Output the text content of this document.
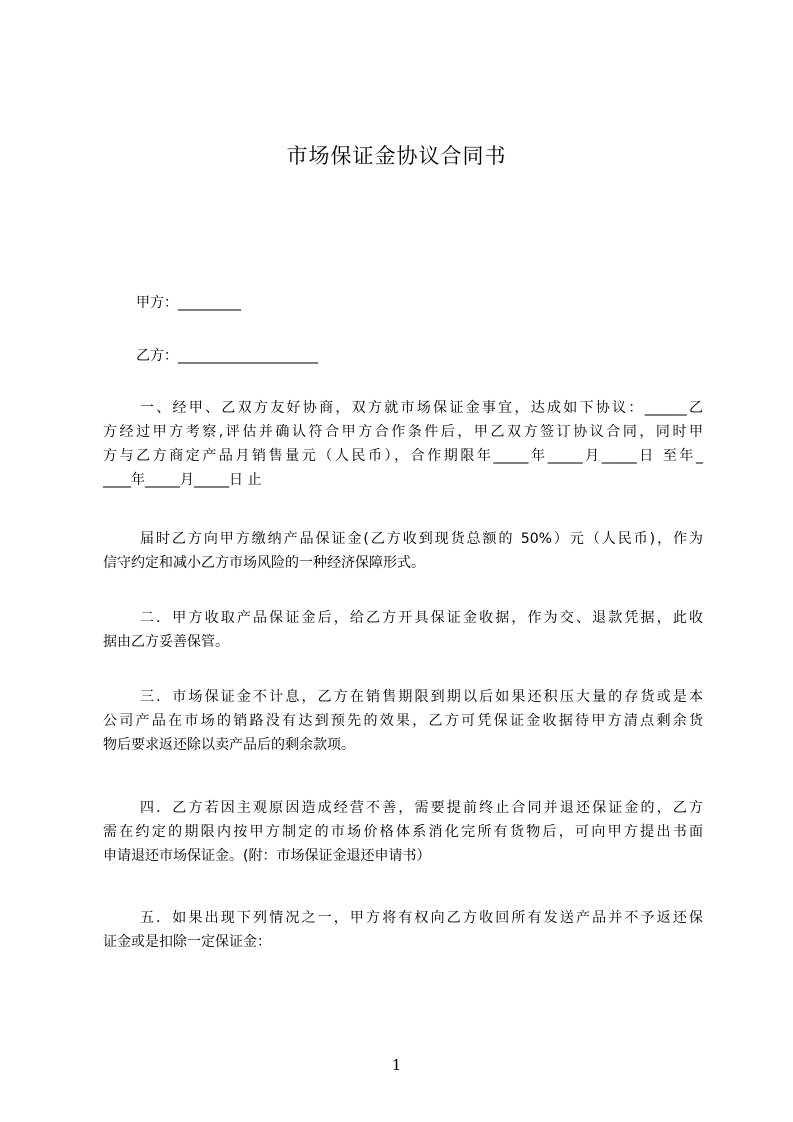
市场保证金协议合同书
甲方：_________
乙方：____________________

一、经甲、乙双方友好协商，双方就市场保证金事宜，达成如下协议：______乙
方经过甲方考察,评估并确认符合甲方合作条件后，甲乙双方签订协议合同，同时甲
方与乙方商定产品月销售量元（人民币），合作期限年_____年_____月_____日 至年_
____年_____月_____日 止

届时乙方向甲方缴纳产品保证金(乙方收到现货总额的 50%）元（人民币)，作为
信守约定和减小乙方市场风险的一种经济保障形式。

二．甲方收取产品保证金后，给乙方开具保证金收据，作为交、退款凭据，此收
据由乙方妥善保管。

三．市场保证金不计息，乙方在销售期限到期以后如果还积压大量的存货或是本
公司产品在市场的销路没有达到预先的效果，乙方可凭保证金收据待甲方清点剩余货
物后要求返还除以卖产品后的剩余款项。

四．乙方若因主观原因造成经营不善，需要提前终止合同并退还保证金的，乙方
需在约定的期限内按甲方制定的市场价格体系消化完所有货物后，可向甲方提出书面
申请退还市场保证金。(附：市场保证金退还申请书）

五．如果出现下列情况之一，甲方将有权向乙方收回所有发送产品并不予返还保
证金或是扣除一定保证金：

1
